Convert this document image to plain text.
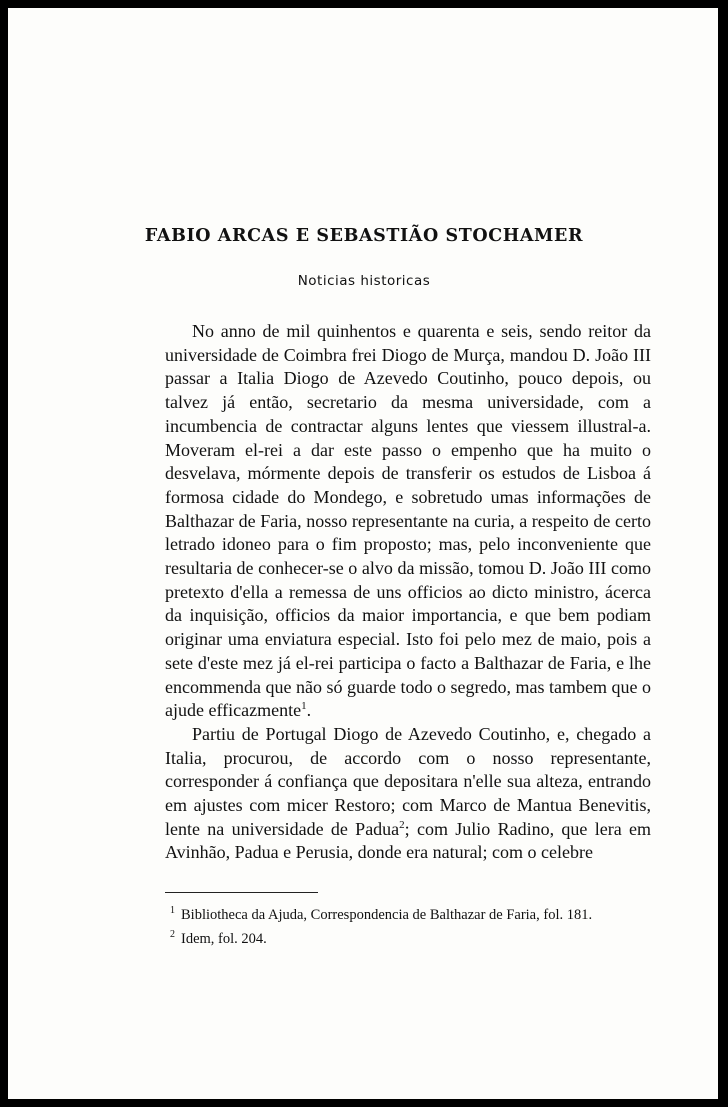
FABIO ARCAS E SEBASTIÃO STOCHAMER
Noticias historicas

No anno de mil quinhentos e quarenta e seis, sendo reitor da universidade de Coimbra frei Diogo de Murça, mandou D. João III passar a Italia Diogo de Azevedo Coutinho, pouco depois, ou talvez já então, secretario da mesma universidade, com a incumbencia de contractar alguns lentes que viessem illustral-a. Moveram el-rei a dar este passo o empenho que ha muito o desvelava, mórmente depois de transferir os estudos de Lisboa á formosa cidade do Mondego, e sobretudo umas informações de Balthazar de Faria, nosso representante na curia, a respeito de certo letrado idoneo para o fim proposto; mas, pelo inconveniente que resultaria de conhecer-se o alvo da missão, tomou D. João III como pretexto d'ella a remessa de uns officios ao dicto ministro, ácerca da inquisição, officios da maior importancia, e que bem podiam originar uma enviatura especial. Isto foi pelo mez de maio, pois a sete d'este mez já el-rei participa o facto a Balthazar de Faria, e lhe encommenda que não só guarde todo o segredo, mas tambem que o ajude efficazmente$^1$.

Partiu de Portugal Diogo de Azevedo Coutinho, e, chegado a Italia, procurou, de accordo com o nosso representante, corresponder á confiança que depositara n'elle sua alteza, entrando em ajustes com micer Restoro; com Marco de Mantua Benevitis, lente na universidade de Padua$^2$; com Julio Radino, que lera em Avinhão, Padua e Perusia, donde era natural; com o celebre

$^1$ Bibliotheca da Ajuda, Correspondencia de Balthazar de Faria, fol. 181.
$^2$ Idem, fol. 204.
